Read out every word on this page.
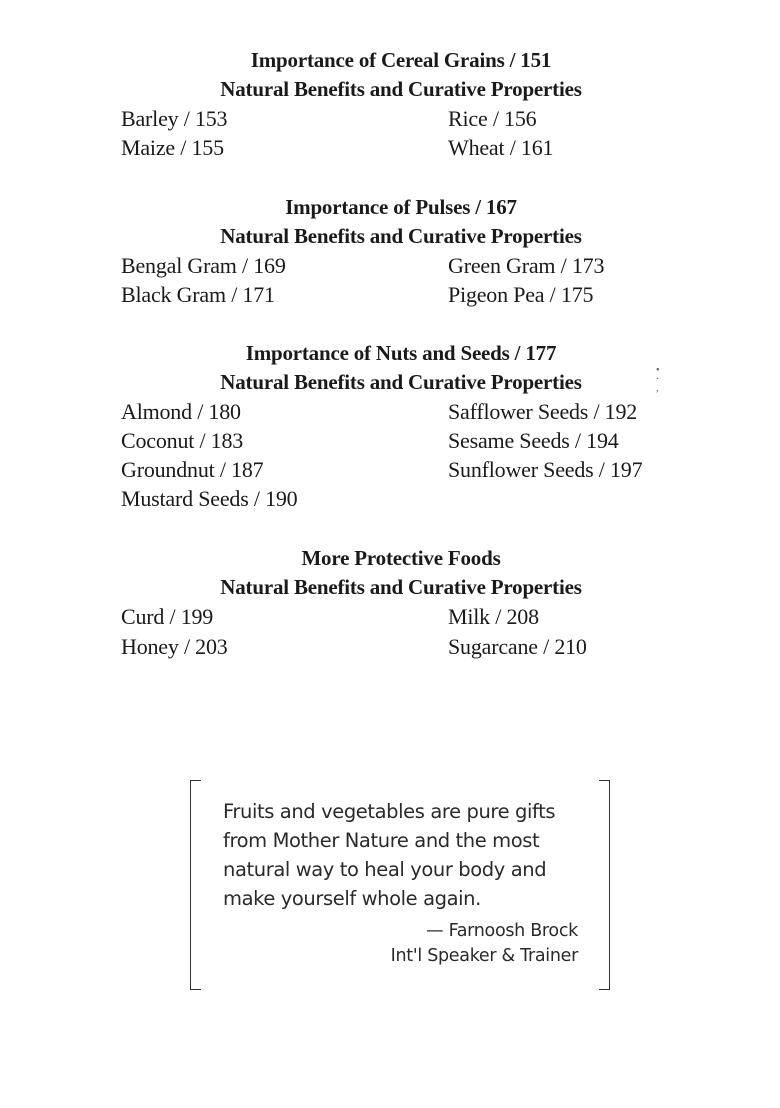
Importance of Cereal Grains / 151
Natural Benefits and Curative Properties
Barley / 153
Maize / 155
Rice / 156
Wheat / 161
Importance of Pulses / 167
Natural Benefits and Curative Properties
Bengal Gram / 169
Black Gram / 171
Green Gram / 173
Pigeon Pea / 175
Importance of Nuts and Seeds / 177
Natural Benefits and Curative Properties
Almond / 180
Coconut / 183
Groundnut / 187
Mustard Seeds / 190
Safflower Seeds / 192
Sesame Seeds / 194
Sunflower Seeds / 197
More Protective Foods
Natural Benefits and Curative Properties
Curd / 199
Honey / 203
Milk / 208
Sugarcane / 210
•
·
,
Fruits and vegetables are pure gifts
from Mother Nature and the most
natural way to heal your body and
make yourself whole again.
— Farnoosh Brock
Int'l Speaker & Trainer
